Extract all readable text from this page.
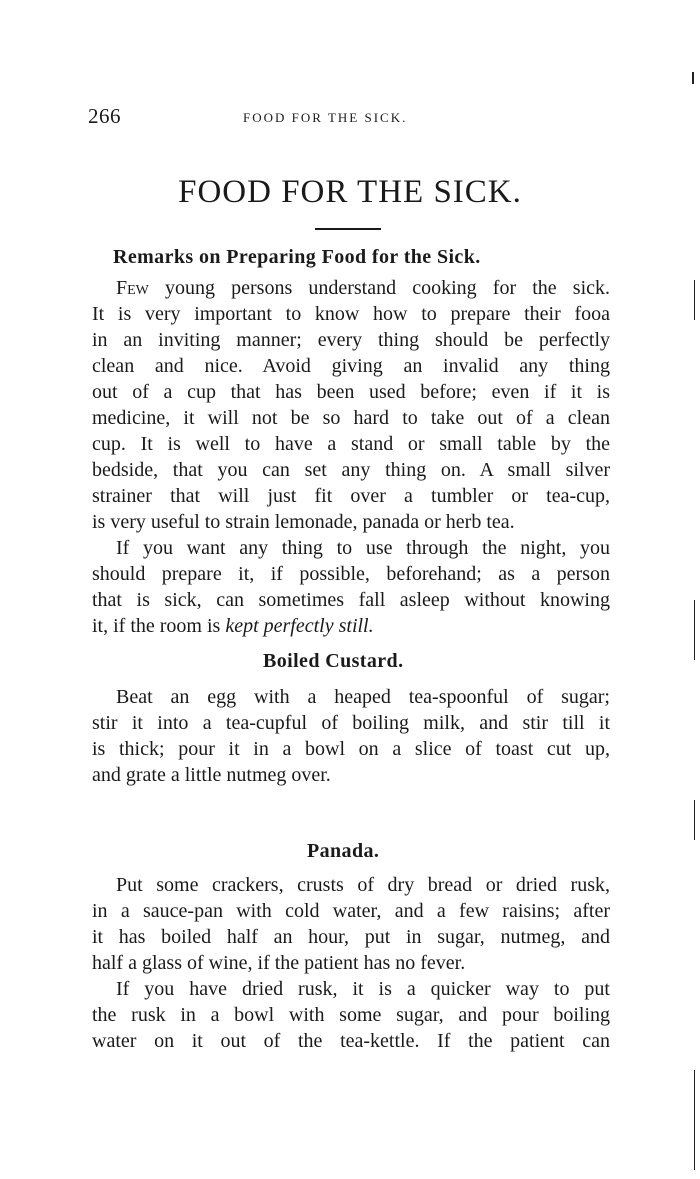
266	FOOD FOR THE SICK.
FOOD FOR THE SICK.
Remarks on Preparing Food for the Sick.
Few young persons understand cooking for the sick.
It is very important to know how to prepare their fooa
in an inviting manner; every thing should be perfectly
clean and nice. Avoid giving an invalid any thing
out of a cup that has been used before; even if it is
medicine, it will not be so hard to take out of a clean
cup. It is well to have a stand or small table by the
bedside, that you can set any thing on. A small silver
strainer that will just fit over a tumbler or tea-cup,
is very useful to strain lemonade, panada or herb tea.
If you want any thing to use through the night, you
should prepare it, if possible, beforehand; as a person
that is sick, can sometimes fall asleep without knowing
it, if the room is kept perfectly still.
Boiled Custard.
Beat an egg with a heaped tea-spoonful of sugar;
stir it into a tea-cupful of boiling milk, and stir till it
is thick; pour it in a bowl on a slice of toast cut up,
and grate a little nutmeg over.
Panada.
Put some crackers, crusts of dry bread or dried rusk,
in a sauce-pan with cold water, and a few raisins; after
it has boiled half an hour, put in sugar, nutmeg, and
half a glass of wine, if the patient has no fever.
If you have dried rusk, it is a quicker way to put
the rusk in a bowl with some sugar, and pour boiling
water on it out of the tea-kettle. If the patient can
